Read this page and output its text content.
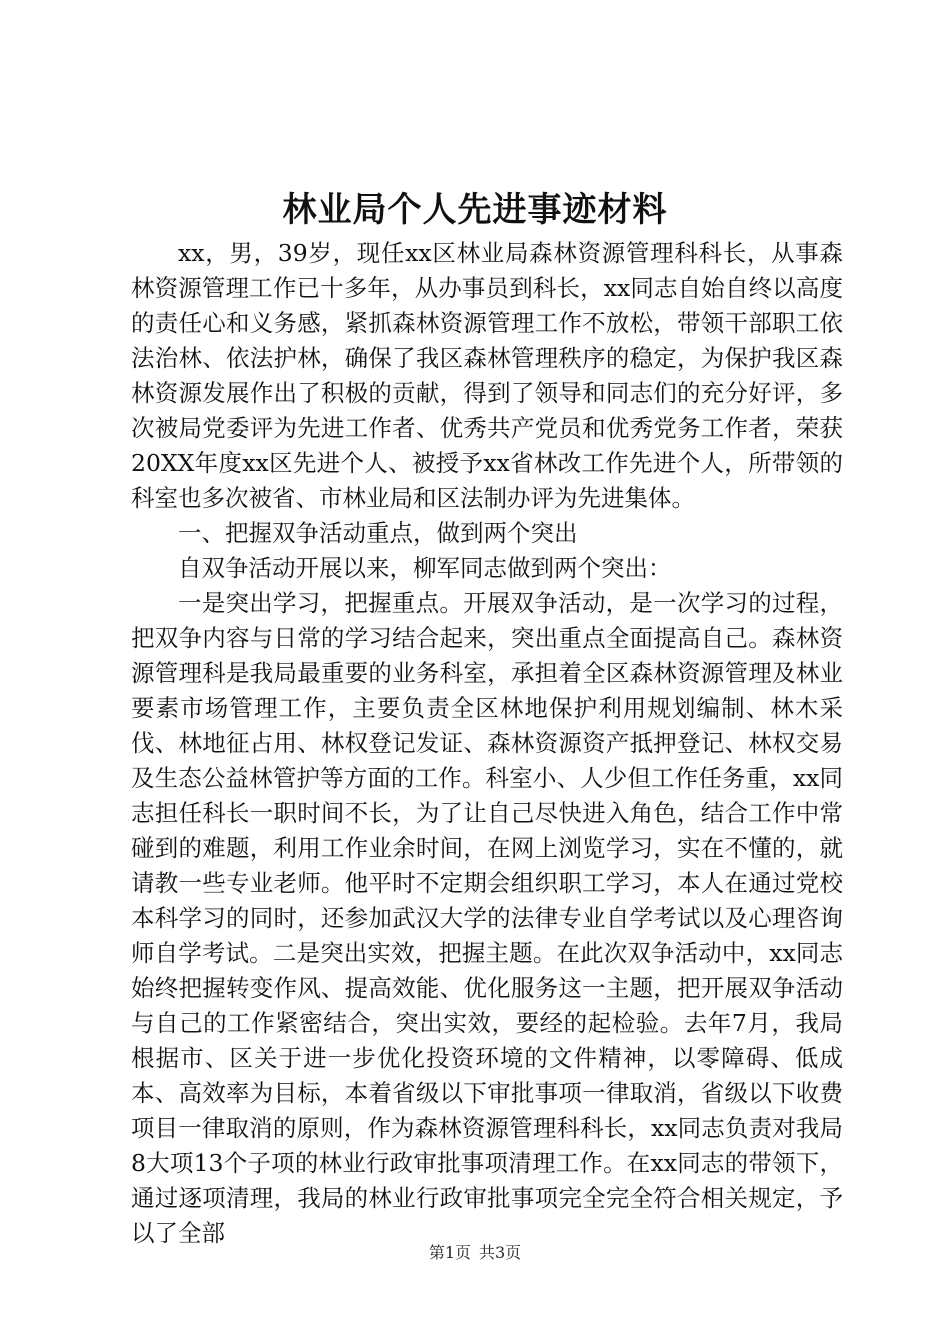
林业局个人先进事迹材料

xx，男，39岁，现任xx区林业局森林资源管理科科长，从事森林资源管理工作已十多年，从办事员到科长，xx同志自始自终以高度的责任心和义务感，紧抓森林资源管理工作不放松，带领干部职工依法治林、依法护林，确保了我区森林管理秩序的稳定，为保护我区森林资源发展作出了积极的贡献，得到了领导和同志们的充分好评，多次被局党委评为先进工作者、优秀共产党员和优秀党务工作者，荣获20XX年度xx区先进个人、被授予xx省林改工作先进个人，所带领的科室也多次被省、市林业局和区法制办评为先进集体。

一、把握双争活动重点，做到两个突出

自双争活动开展以来，柳军同志做到两个突出：

一是突出学习，把握重点。开展双争活动，是一次学习的过程，把双争内容与日常的学习结合起来，突出重点全面提高自己。森林资源管理科是我局最重要的业务科室，承担着全区森林资源管理及林业要素市场管理工作，主要负责全区林地保护利用规划编制、林木采伐、林地征占用、林权登记发证、森林资源资产抵押登记、林权交易及生态公益林管护等方面的工作。科室小、人少但工作任务重，xx同志担任科长一职时间不长，为了让自己尽快进入角色，结合工作中常碰到的难题，利用工作业余时间，在网上浏览学习，实在不懂的，就请教一些专业老师。他平时不定期会组织职工学习，本人在通过党校本科学习的同时，还参加武汉大学的法律专业自学考试以及心理咨询师自学考试。二是突出实效，把握主题。在此次双争活动中，xx同志始终把握转变作风、提高效能、优化服务这一主题，把开展双争活动与自己的工作紧密结合，突出实效，要经的起检验。去年7月，我局根据市、区关于进一步优化投资环境的文件精神，以零障碍、低成本、高效率为目标，本着省级以下审批事项一律取消，省级以下收费项目一律取消的原则，作为森林资源管理科科长，xx同志负责对我局8大项13个子项的林业行政审批事项清理工作。在xx同志的带领下，通过逐项清理，我局的林业行政审批事项完全完全符合相关规定，予以了全部

第1页 共3页
